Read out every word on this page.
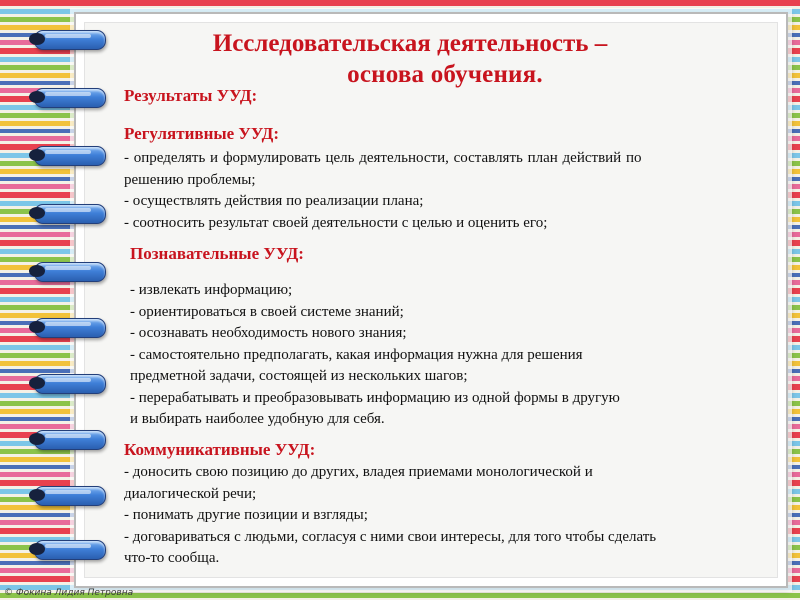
Исследовательская деятельность –
основа обучения.
Результаты УУД:
Регулятивные УУД:
- определять и формулировать цель деятельности, составлять план действий по
решению проблемы;
- осуществлять действия по реализации плана;
- соотносить результат своей деятельности с целью и оценить его;
Познавательные УУД:
- извлекать информацию;
- ориентироваться в своей системе знаний;
- осознавать необходимость нового знания;
- самостоятельно предполагать, какая информация нужна для решения
предметной задачи, состоящей из нескольких шагов;
- перерабатывать и преобразовывать информацию из одной формы в другую
и выбирать наиболее удобную для себя.
Коммуникативные УУД:
- доносить свою позицию до других, владея приемами монологической и
диалогической речи;
- понимать другие позиции и взгляды;
- договариваться с людьми, согласуя с ними свои интересы, для того чтобы сделать
что-то сообща.
© Фокина Лидия Петровна
